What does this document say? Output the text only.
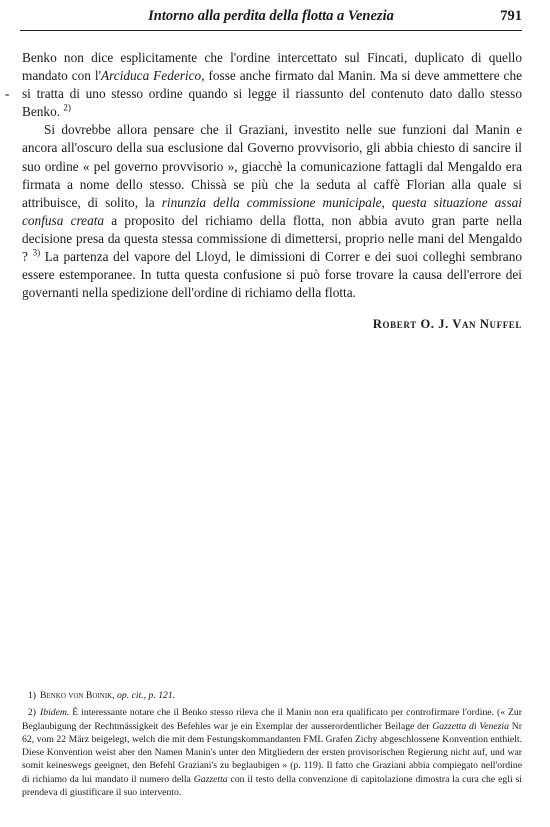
Intorno alla perdita della flotta a Venezia	791
-

Benko non dice esplicitamente che l'ordine intercettato sul Fincati, duplicato di quello mandato con l'Arciduca Federico, fosse anche firmato dal Manin. Ma si deve ammettere che si tratta di uno stesso ordine quando si legge il riassunto del contenuto dato dallo stesso Benko. $^{2)}$

Si dovrebbe allora pensare che il Graziani, investito nelle sue funzioni dal Manin e ancora all'oscuro della sua esclusione dal Governo provvisorio, gli abbia chiesto di sancire il suo ordine « pel governo provvisorio », giacchè la comunicazione fattagli dal Mengaldo era firmata a nome dello stesso. Chissà se più che la seduta al caffè Florian alla quale si attribuisce, di solito, la rinunzia della commissione municipale, questa situazione assai confusa creata a proposito del richiamo della flotta, non abbia avuto gran parte nella decisione presa da questa stessa commissione di dimettersi, proprio nelle mani del Mengaldo ? $^{3)}$ La partenza del vapore del Lloyd, le dimissioni di Correr e dei suoi colleghi sembrano essere estemporanee. In tutta questa confusione si può forse trovare la causa dell'errore dei governanti nella spedizione dell'ordine di richiamo della flotta.

Robert O. J. Van Nuffel

1) Benko von Boinik, op. cit., p. 121.

2) Ibidem. È interessante notare che il Benko stesso rileva che il Manin non era qualificato per controfirmare l'ordine. (« Zur Beglaubigung der Rechtmässigkeit des Befehles war je ein Exemplar der ausserordentlicher Beilage der Gazzetta di Venezia Nr 62, vom 22 März beigelegt, welch die mit dem Festungskommandanten FML Grafen Zichy abgeschlossene Konvention enthielt. Diese Konvention weist aber den Namen Manin's unter den Mitgliedern der ersten provisorischen Regierung nicht auf, und war somit keineswegs geeignet, den Befehl Graziani's zu beglaubigen » (p. 119). Il fatto che Graziani abbia compiegato nell'ordine di richiamo da lui mandato il numero della Gazzetta con il testo della convenzione di capitolazione dimostra la cura che egli si prendeva di giustificare il suo intervento.
